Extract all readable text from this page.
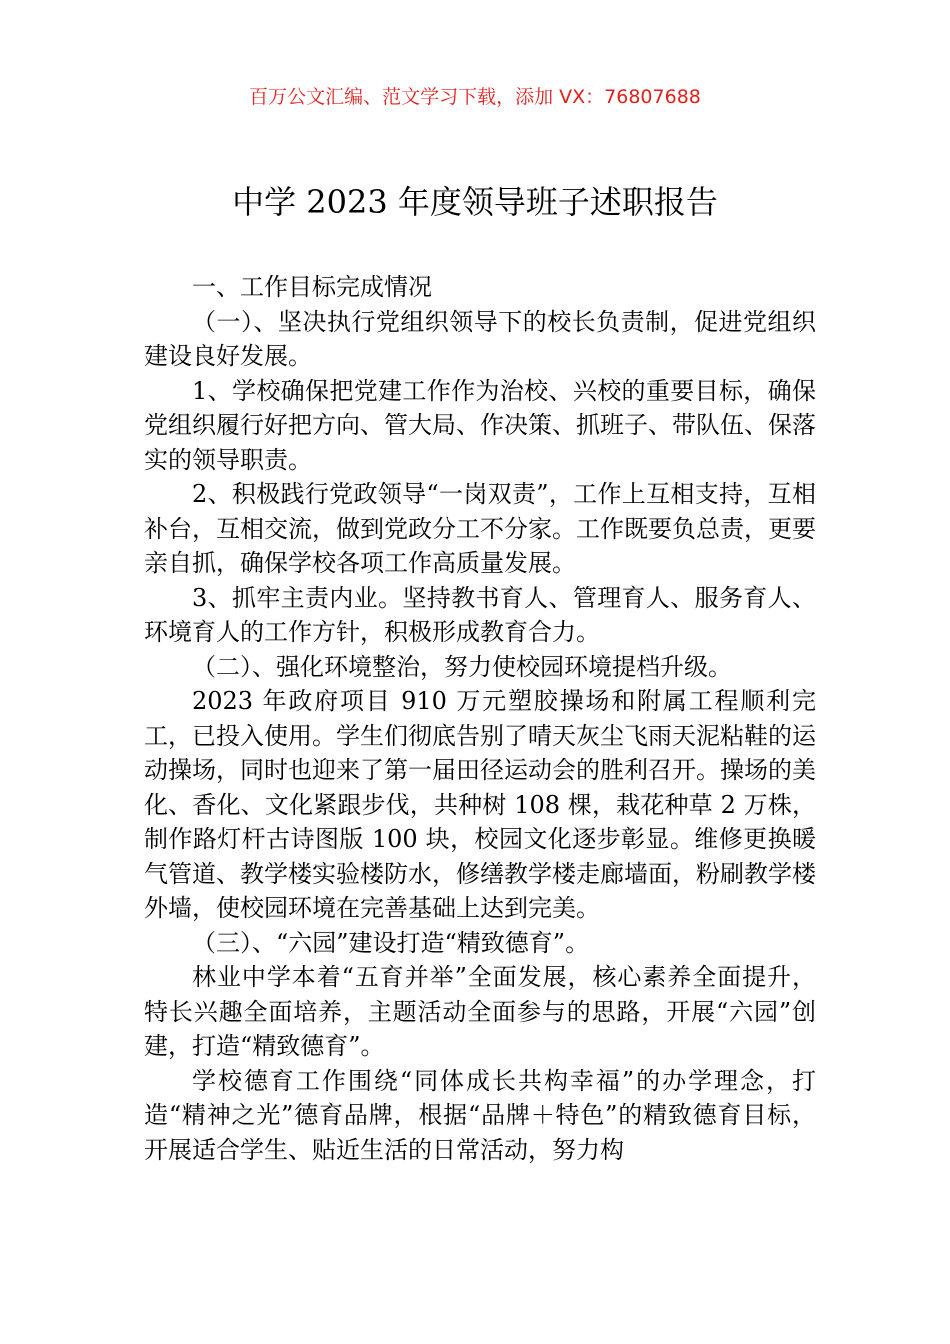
百万公文汇编、范文学习下载，添加 VX：76807688
中学 2023 年度领导班子述职报告

一、工作目标完成情况

（一）、坚决执行党组织领导下的校长负责制，促进党组织建设良好发展。

1、学校确保把党建工作作为治校、兴校的重要目标，确保党组织履行好把方向、管大局、作决策、抓班子、带队伍、保落实的领导职责。

2、积极践行党政领导“一岗双责”，工作上互相支持，互相补台，互相交流，做到党政分工不分家。工作既要负总责，更要亲自抓，确保学校各项工作高质量发展。

3、抓牢主责内业。坚持教书育人、管理育人、服务育人、环境育人的工作方针，积极形成教育合力。

（二）、强化环境整治，努力使校园环境提档升级。

2023 年政府项目 910 万元塑胶操场和附属工程顺利完工，已投入使用。学生们彻底告别了晴天灰尘飞雨天泥粘鞋的运动操场，同时也迎来了第一届田径运动会的胜利召开。操场的美化、香化、文化紧跟步伐，共种树 108 棵，栽花种草 2 万株，制作路灯杆古诗图版 100 块，校园文化逐步彰显。维修更换暖气管道、教学楼实验楼防水，修缮教学楼走廊墙面，粉刷教学楼外墙，使校园环境在完善基础上达到完美。

（三）、“六园”建设打造“精致德育”。

林业中学本着“五育并举”全面发展，核心素养全面提升，特长兴趣全面培养，主题活动全面参与的思路，开展“六园”创建，打造“精致德育”。

学校德育工作围绕“同体成长共构幸福”的办学理念，打造“精神之光”德育品牌，根据“品牌＋特色”的精致德育目标，开展适合学生、贴近生活的日常活动，努力构
